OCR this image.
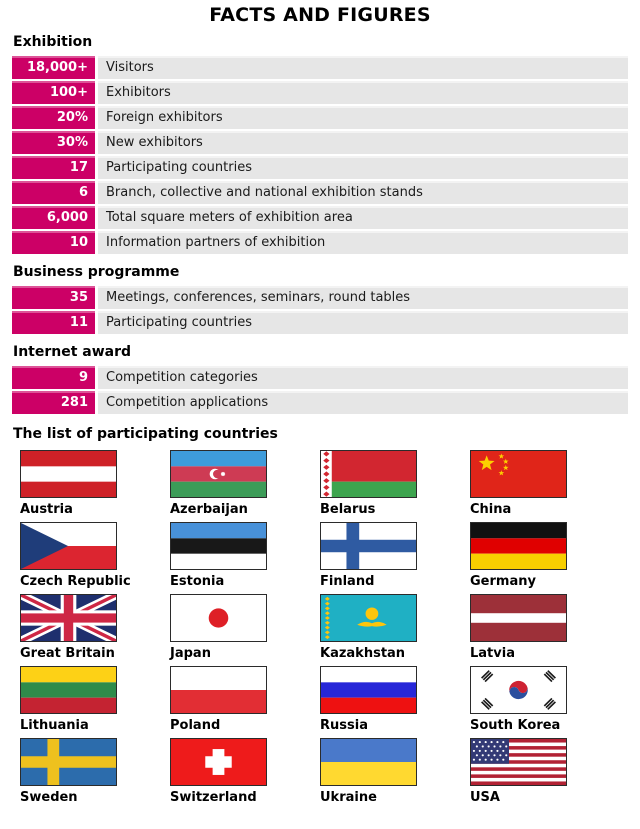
FACTS AND FIGURES
Exhibition
18,000+	Visitors
100+	Exhibitors
20%	Foreign exhibitors
30%	New exhibitors
17	Participating countries
6	Branch, collective and national exhibition stands
6,000	Total square meters of exhibition area
10	Information partners of exhibition
Business programme
35	Meetings, conferences, seminars, round tables
11	Participating countries
Internet award
9	Competition categories
281	Competition applications
The list of participating countries
Austria	Azerbaijan	Belarus	China
Czech Republic	Estonia	Finland	Germany
Great Britain	Japan	Kazakhstan	Latvia
Lithuania	Poland	Russia	South Korea
Sweden	Switzerland	Ukraine	USA
